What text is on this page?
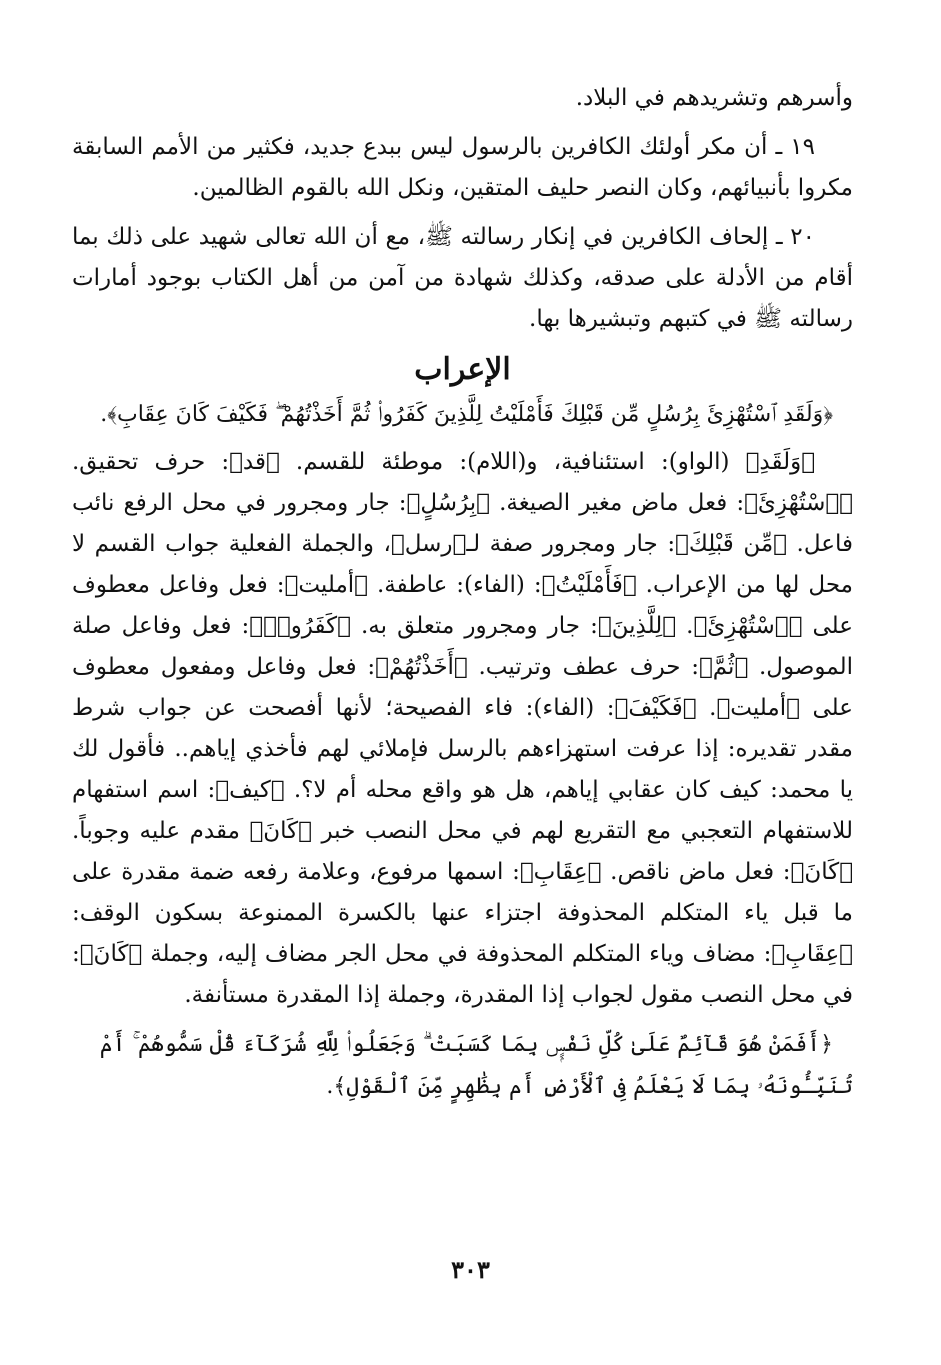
وأسرهم وتشريدهم في البلاد.

١٩ ـ أن مكر أولئك الكافرين بالرسول ليس ببدع جديد، فكثير من الأمم السابقة مكروا بأنبيائهم، وكان النصر حليف المتقين، ونكل الله بالقوم الظالمين.

٢٠ ـ إلحاف الكافرين في إنكار رسالته ﷺ، مع أن الله تعالى شهيد على ذلك بما أقام من الأدلة على صدقه، وكذلك شهادة من آمن من أهل الكتاب بوجود أمارات رسالته ﷺ في كتبهم وتبشيرها بها.

الإعراب

﴿وَلَقَدِ ٱسْتُهْزِئَ بِرُسُلٍ مِّن قَبْلِكَ فَأَمْلَيْتُ لِلَّذِينَ كَفَرُوا۟ ثُمَّ أَخَذْتُهُمْ ۖ فَكَيْفَ كَانَ عِقَابِ﴾.

﴿وَلَقَدِ﴾ (الواو): استئنافية، و(اللام): موطئة للقسم. ﴿قد﴾: حرف تحقيق. ﴿ٱسْتُهْزِئَ﴾: فعل ماض مغير الصيغة. ﴿بِرُسُلٍ﴾: جار ومجرور في محل الرفع نائب فاعل. ﴿مِّن قَبْلِكَ﴾: جار ومجرور صفة لـ﴿رسل﴾، والجملة الفعلية جواب القسم لا محل لها من الإعراب. ﴿فَأَمْلَيْتُ﴾: (الفاء): عاطفة. ﴿أمليت﴾: فعل وفاعل معطوف على ﴿ٱسْتُهْزِئَ﴾. ﴿لِلَّذِينَ﴾: جار ومجرور متعلق به. ﴿كَفَرُوا۟﴾: فعل وفاعل صلة الموصول. ﴿ثُمَّ﴾: حرف عطف وترتيب. ﴿أَخَذْتُهُمْ﴾: فعل وفاعل ومفعول معطوف على ﴿أمليت﴾. ﴿فَكَيْفَ﴾: (الفاء): فاء الفصيحة؛ لأنها أفصحت عن جواب شرط مقدر تقديره: إذا عرفت استهزاءهم بالرسل فإملائي لهم فأخذي إياهم.. فأقول لك يا محمد: كيف كان عقابي إياهم، هل هو واقع محله أم لا؟. ﴿كيف﴾: اسم استفهام للاستفهام التعجبي مع التقريع لهم في محل النصب خبر ﴿كَانَ﴾ مقدم عليه وجوباً. ﴿كَانَ﴾: فعل ماض ناقص. ﴿عِقَابِ﴾: اسمها مرفوع، وعلامة رفعه ضمة مقدرة على ما قبل ياء المتكلم المحذوفة اجتزاء عنها بالكسرة الممنوعة بسكون الوقف: ﴿عِقَابِ﴾: مضاف وياء المتكلم المحذوفة في محل الجر مضاف إليه، وجملة ﴿كَانَ﴾: في محل النصب مقول لجواب إذا المقدرة، وجملة إذا المقدرة مستأنفة.

﴿أَفَمَنْ هُوَ قَآئِمٌ عَلَىٰ كُلِّ نَفْسٍۭ بِمَا كَسَبَتْ ۗ وَجَعَلُوا۟ لِلَّهِ شُرَكَآءَ قُلْ سَمُّوهُمْ ۚ أَمْ تُنَبِّـُٔونَهُۥ بِمَا لَا يَعْلَمُ فِى ٱلْأَرْضِ أَم بِظَٰهِرٍ مِّنَ ٱلْقَوْلِ﴾.

٣٠٣
